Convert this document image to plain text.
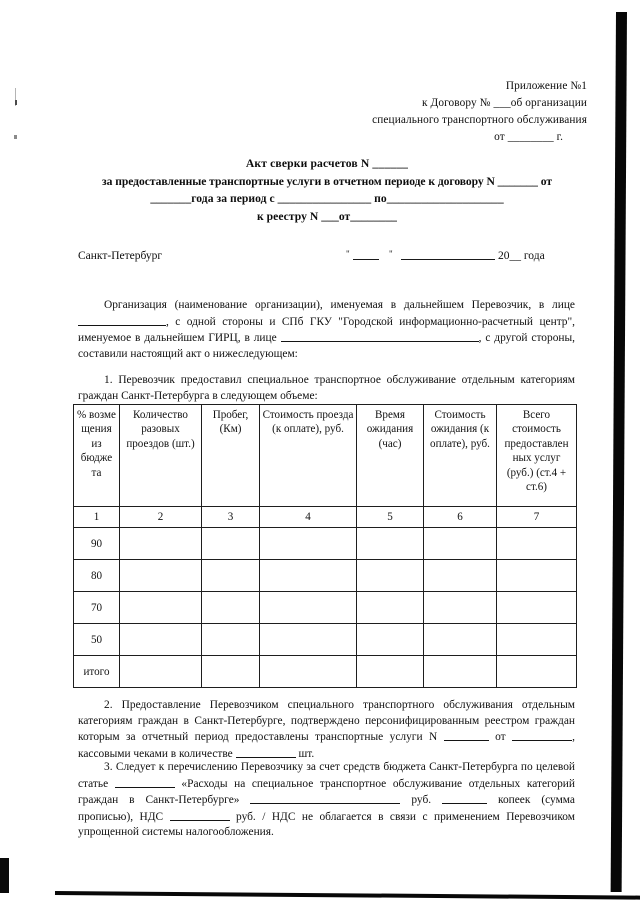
Приложение №1
к Договору № ___об организации
специального транспортного обслуживания
от ________ г.
Акт сверки расчетов N ______
за предоставленные транспортные услуги в отчетном периоде к договору N _______ от
_______года за период с ________________ по____________________
к реестру N ___от________
Санкт-Петербург	"	"	20__ года
Организация (наименование организации), именуемая в дальнейшем Перевозчик, в лице , с одной стороны и СПб ГКУ "Городской информационно-расчетный центр", именуемое в дальнейшем ГИРЦ, в лице	, с другой стороны, составили настоящий акт о нижеследующем:
1. Перевозчик предоставил специальное транспортное обслуживание отдельным категориям граждан Санкт-Петербурга в следующем объеме:
% возме щения из бюдже та	Количество разовых проездов (шт.)	Пробег, (Км)	Стоимость проезда (к оплате), руб.	Время ожидания (час)	Стоимость ожидания (к оплате), руб.	Всего стоимость предоставлен ных услуг (руб.) (ст.4 + ст.6)
1	2	3	4	5	6	7
90						
80						
70						
50						
итого						
2. Предоставление Перевозчиком специального транспортного обслуживания отдельным категориям граждан в Санкт-Петербурге, подтверждено персонифицированным реестром граждан которым за отчетный период предоставлены транспортные услуги N	от	, кассовыми чеками в количестве	шт.
3. Следует к перечислению Перевозчику за счет средств бюджета Санкт-Петербурга по целевой статье	«Расходы на специальное транспортное обслуживание отдельных категорий граждан в Санкт-Петербурге»	руб.	копеек (сумма прописью), НДС	руб. / НДС не облагается в связи с применением Перевозчиком упрощенной системы налогообложения.
